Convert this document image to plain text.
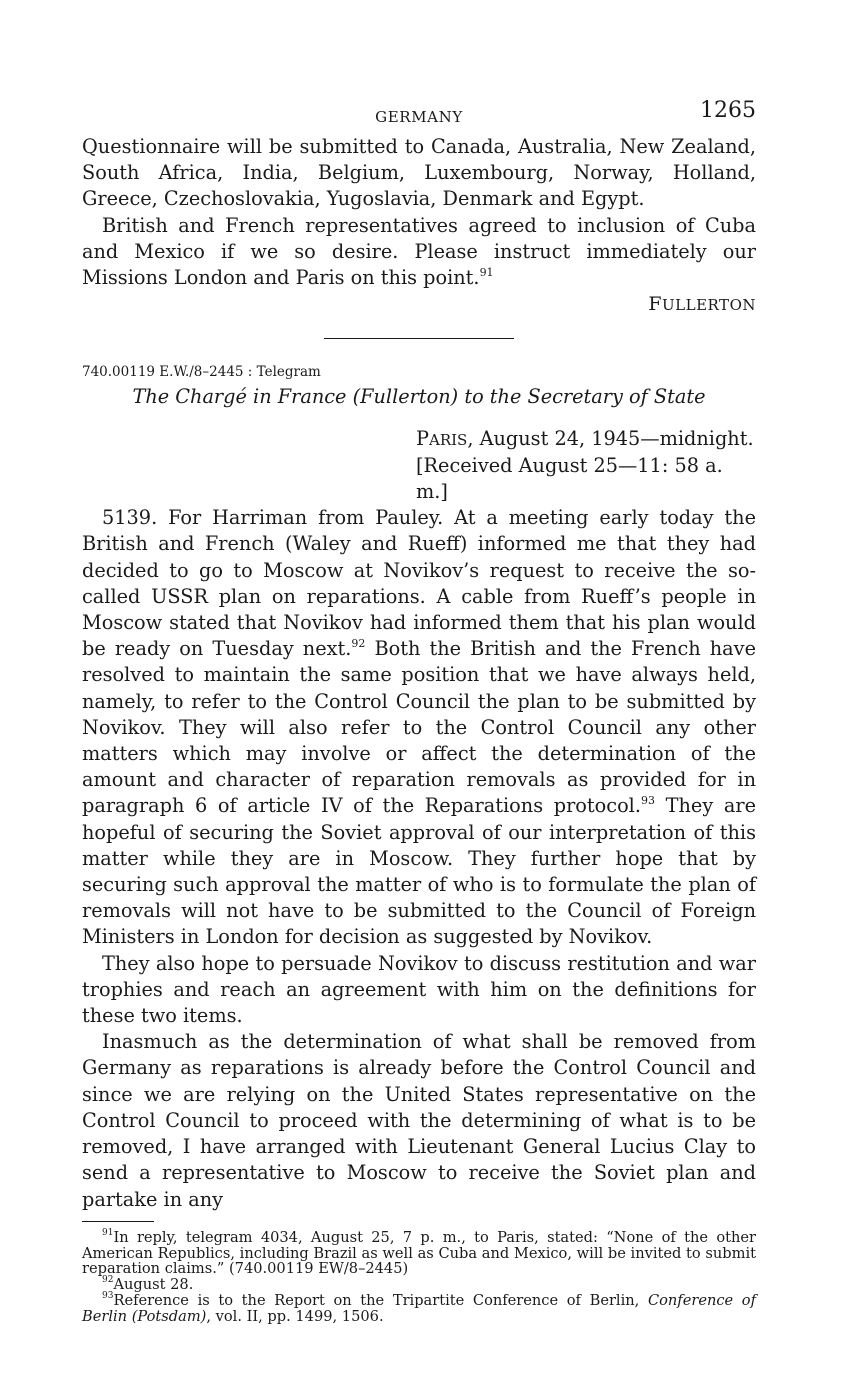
GERMANY	1265

Questionnaire will be submitted to Canada, Australia, New Zealand, South Africa, India, Belgium, Luxembourg, Norway, Holland, Greece, Czechoslovakia, Yugoslavia, Denmark and Egypt.

British and French representatives agreed to inclusion of Cuba and Mexico if we so desire. Please instruct immediately our Missions London and Paris on this point.$^{91}$

FULLERTON
740.00119 E.W./8–2445 : Telegram
The Chargé in France (Fullerton) to the Secretary of State
PARIS, August 24, 1945—midnight.
[Received August 25—11: 58 a. m.]

5139. For Harriman from Pauley. At a meeting early today the British and French (Waley and Rueff) informed me that they had decided to go to Moscow at Novikov’s request to receive the so-called USSR plan on reparations. A cable from Rueff’s people in Moscow stated that Novikov had informed them that his plan would be ready on Tuesday next.$^{92}$ Both the British and the French have resolved to maintain the same position that we have always held, namely, to refer to the Control Council the plan to be submitted by Novikov. They will also refer to the Control Council any other matters which may involve or affect the determination of the amount and character of reparation removals as provided for in paragraph 6 of article IV of the Reparations protocol.$^{93}$ They are hopeful of securing the Soviet approval of our interpretation of this matter while they are in Moscow. They further hope that by securing such approval the matter of who is to formulate the plan of removals will not have to be submitted to the Council of Foreign Ministers in London for decision as suggested by Novikov.

They also hope to persuade Novikov to discuss restitution and war trophies and reach an agreement with him on the definitions for these two items.

Inasmuch as the determination of what shall be removed from Germany as reparations is already before the Control Council and since we are relying on the United States representative on the Control Council to proceed with the determining of what is to be removed, I have arranged with Lieutenant General Lucius Clay to send a representative to Moscow to receive the Soviet plan and partake in any

$^{91}$In reply, telegram 4034, August 25, 7 p. m., to Paris, stated: “None of the other American Republics, including Brazil as well as Cuba and Mexico, will be invited to submit reparation claims.” (740.00119 EW/8–2445)

$^{92}$August 28.

$^{93}$Reference is to the Report on the Tripartite Conference of Berlin, Conference of Berlin (Potsdam), vol. II, pp. 1499, 1506.
